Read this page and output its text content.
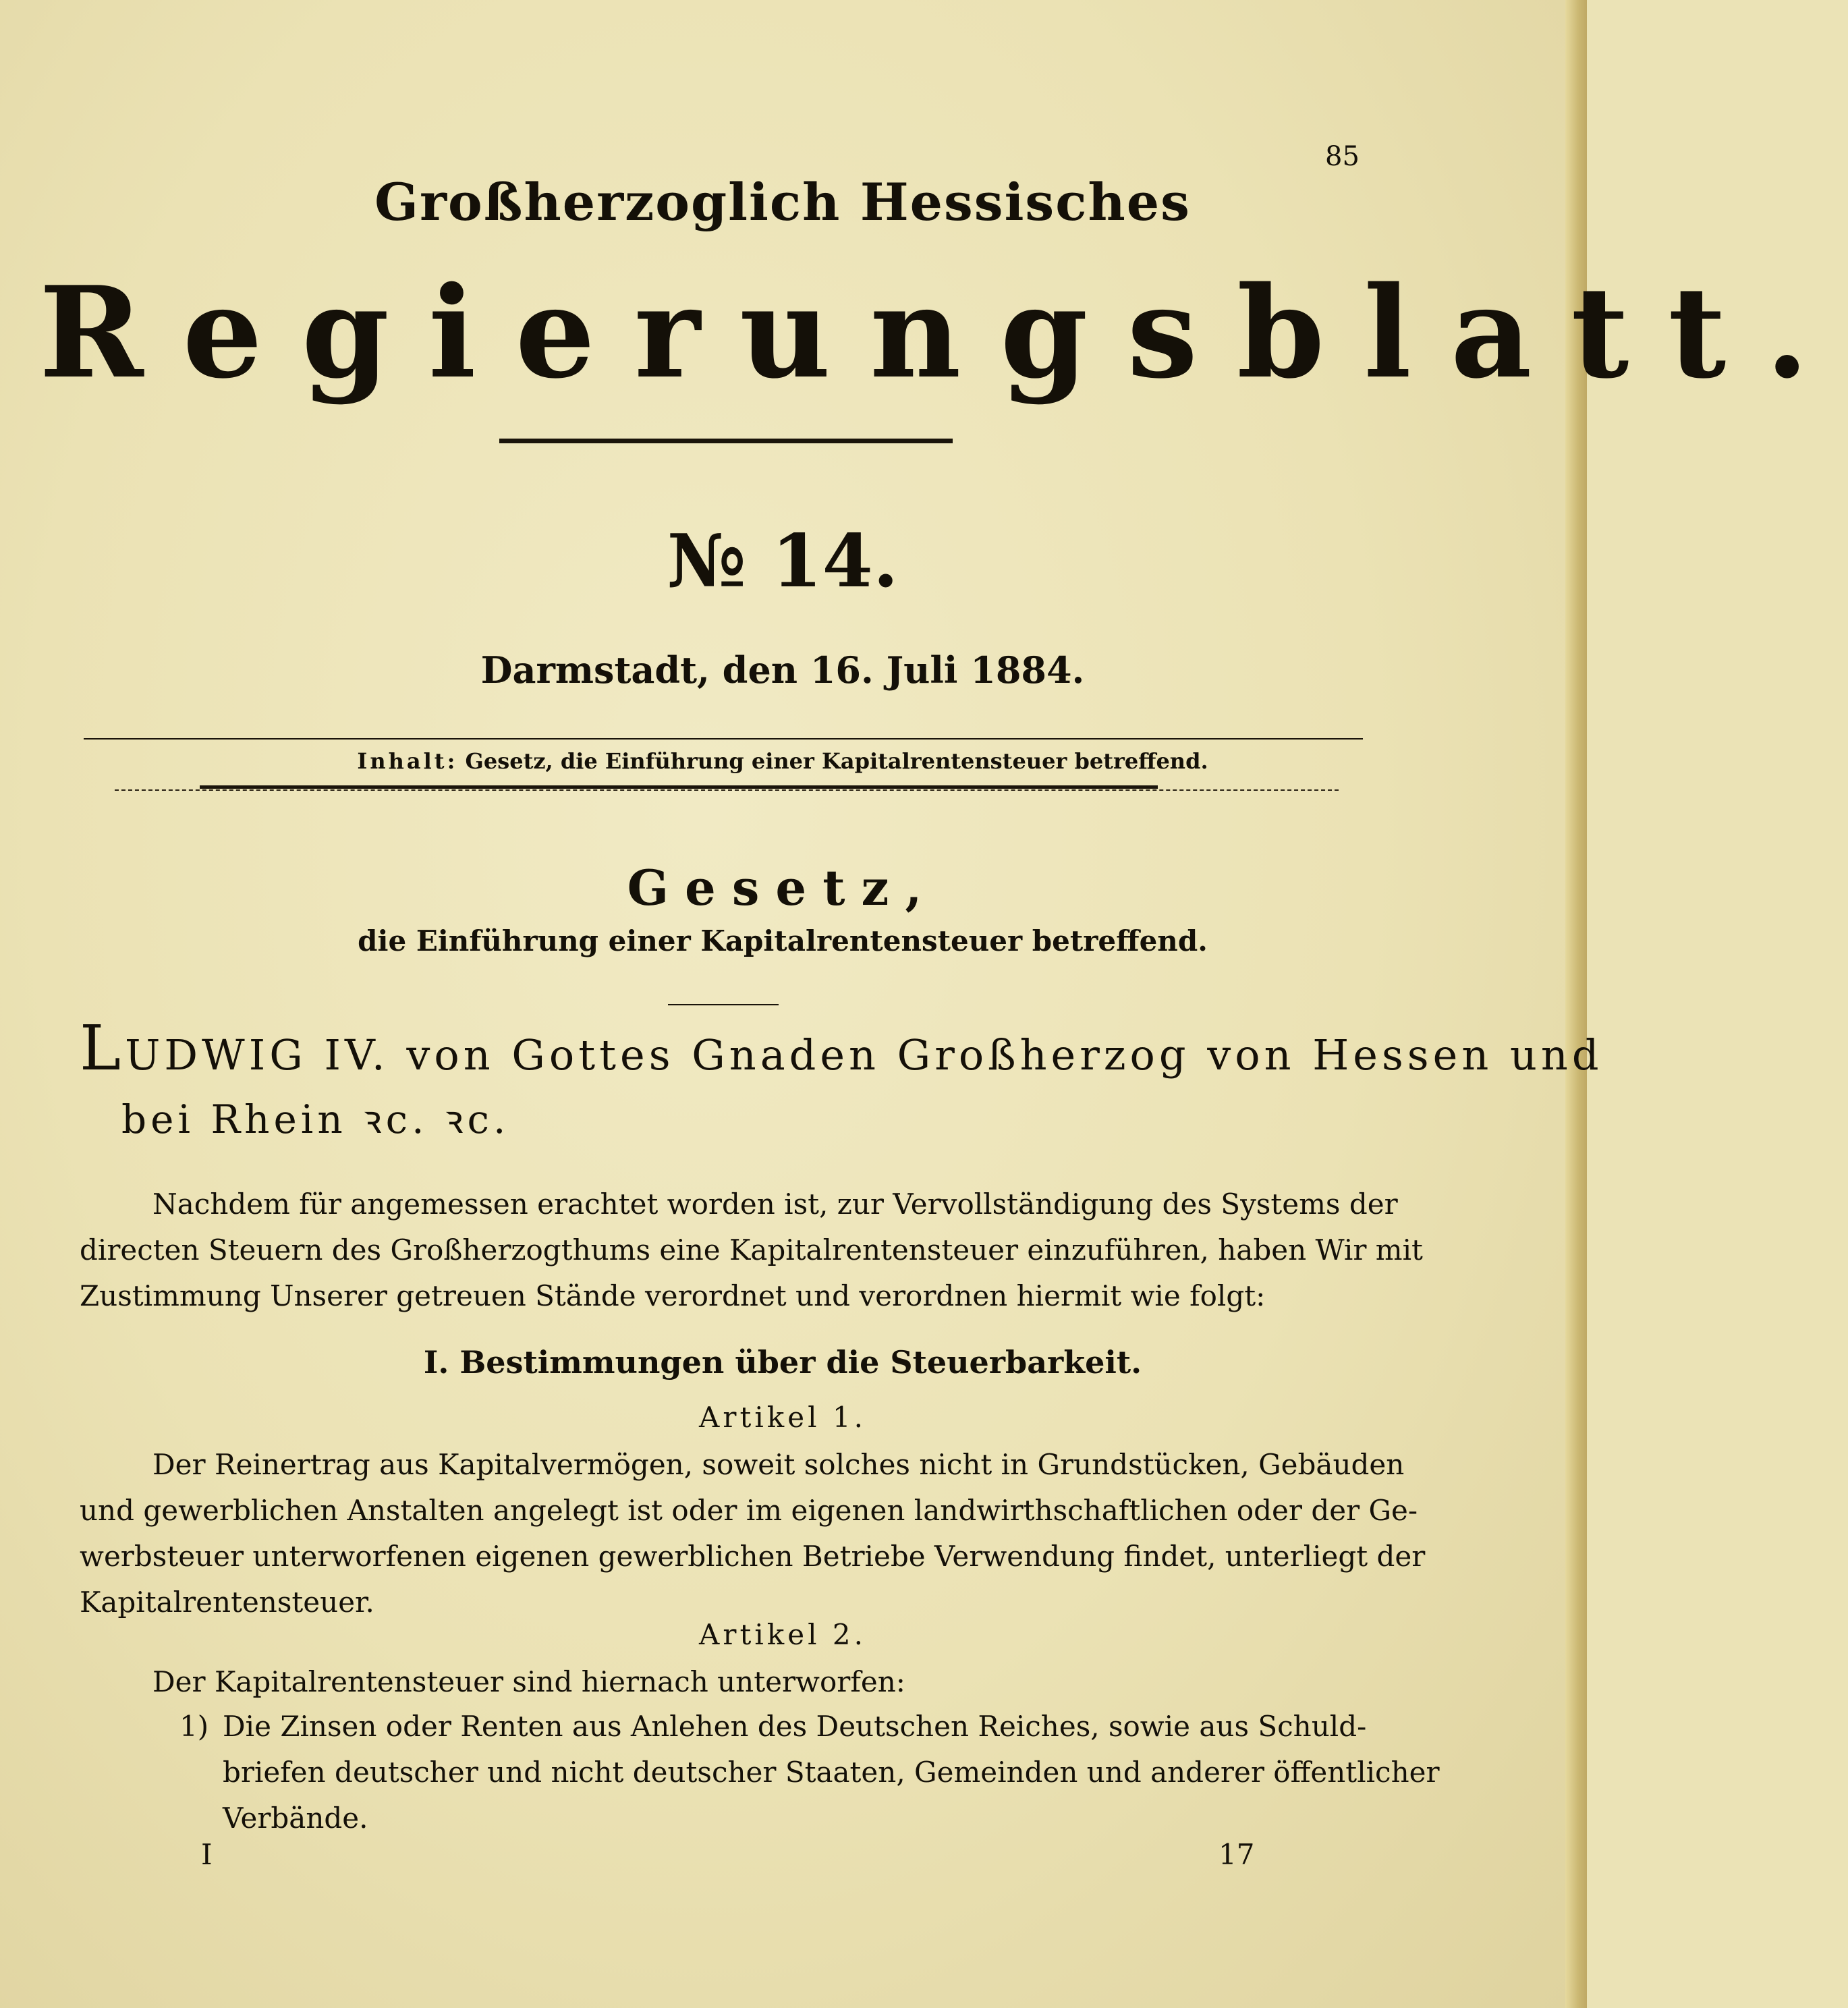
85
Großherzoglich Hessisches
Regierungsblatt.
№ 14.
Darmstadt, den 16. Juli 1884.
Inhalt: Gesetz, die Einführung einer Kapitalrentensteuer betreffend.
Gesetz,
die Einführung einer Kapitalrentensteuer betreffend.
LUDWIG IV. von Gottes Gnaden Großherzog von Hessen und
bei Rhein ꝛc. ꝛc.
Nachdem für angemessen erachtet worden ist, zur Vervollständigung des Systems der
directen Steuern des Großherzogthums eine Kapitalrentensteuer einzuführen, haben Wir mit
Zustimmung Unserer getreuen Stände verordnet und verordnen hiermit wie folgt:
I. Bestimmungen über die Steuerbarkeit.
Artikel 1.
Der Reinertrag aus Kapitalvermögen, soweit solches nicht in Grundstücken, Gebäuden
und gewerblichen Anstalten angelegt ist oder im eigenen landwirthschaftlichen oder der Ge-
werbsteuer unterworfenen eigenen gewerblichen Betriebe Verwendung findet, unterliegt der
Kapitalrentensteuer.
Artikel 2.
Der Kapitalrentensteuer sind hiernach unterworfen:
1) Die Zinsen oder Renten aus Anlehen des Deutschen Reiches, sowie aus Schuld-
briefen deutscher und nicht deutscher Staaten, Gemeinden und anderer öffentlicher
Verbände.
I	17
